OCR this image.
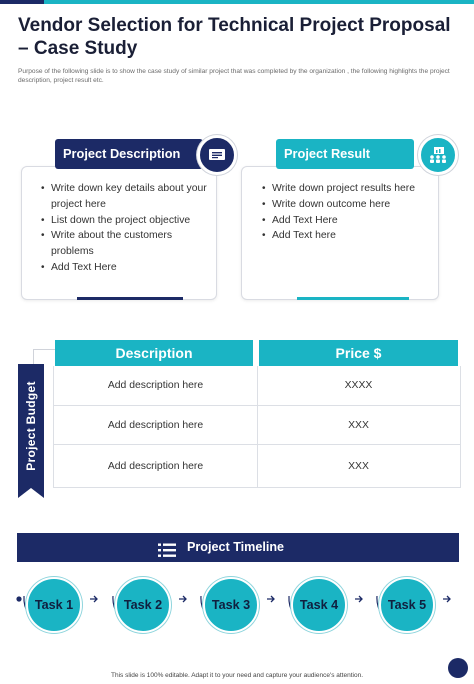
Vendor Selection for Technical Project Proposal – Case Study
Purpose of the following slide is to show the case study of similar project that was completed by the organization , the following highlights the project description, project result etc.
• Write down key details about your project here
• List down the project objective
• Write about the customers problems
• Add Text Here
Project Description
• Write down project results here
• Write down outcome here
• Add Text Here
• Add Text here
Project Result
Project Budget
Description	Price $
Add description here	XXXX
Add description here	XXX
Add description here	XXX
Project Timeline
Task 1	Task 2	Task 3	Task 4	Task 5
This slide is 100% editable. Adapt it to your need and capture your audience's attention.
